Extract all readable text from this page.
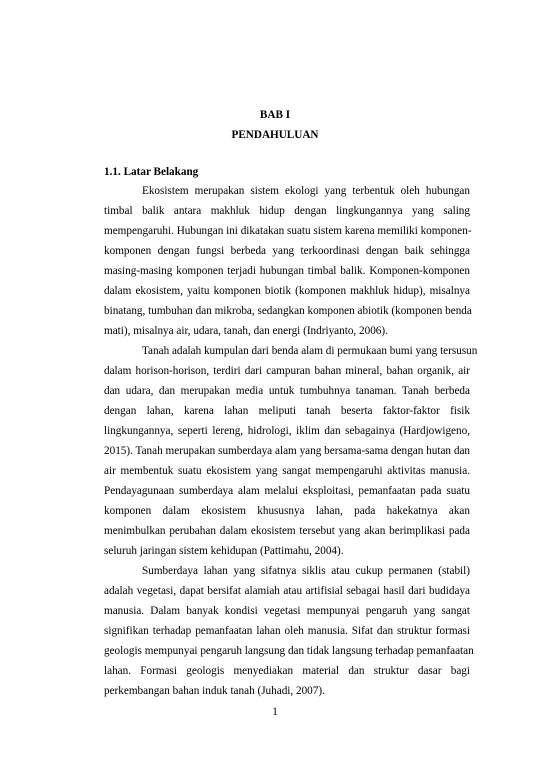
BAB I
PENDAHULUAN
1.1. Latar Belakang
Ekosistem merupakan sistem ekologi yang terbentuk oleh hubungan
timbal balik antara makhluk hidup dengan lingkungannya yang saling
mempengaruhi. Hubungan ini dikatakan suatu sistem karena memiliki komponen-
komponen dengan fungsi berbeda yang terkoordinasi dengan baik sehingga
masing-masing komponen terjadi hubungan timbal balik. Komponen-komponen
dalam ekosistem, yaitu komponen biotik (komponen makhluk hidup), misalnya
binatang, tumbuhan dan mikroba, sedangkan komponen abiotik (komponen benda
mati), misalnya air, udara, tanah, dan energi (Indriyanto, 2006).
Tanah adalah kumpulan dari benda alam di permukaan bumi yang tersusun
dalam horison-horison, terdiri dari campuran bahan mineral, bahan organik, air
dan udara, dan merupakan media untuk tumbuhnya tanaman. Tanah berbeda
dengan lahan, karena lahan meliputi tanah beserta faktor-faktor fisik
lingkungannya, seperti lereng, hidrologi, iklim dan sebagainya (Hardjowigeno,
2015). Tanah merupakan sumberdaya alam yang bersama-sama dengan hutan dan
air membentuk suatu ekosistem yang sangat mempengaruhi aktivitas manusia.
Pendayagunaan sumberdaya alam melalui eksploitasi, pemanfaatan pada suatu
komponen dalam ekosistem khususnya lahan, pada hakekatnya akan
menimbulkan perubahan dalam ekosistem tersebut yang akan berimplikasi pada
seluruh jaringan sistem kehidupan (Pattimahu, 2004).
Sumberdaya lahan yang sifatnya siklis atau cukup permanen (stabil)
adalah vegetasi, dapat bersifat alamiah atau artifisial sebagai hasil dari budidaya
manusia. Dalam banyak kondisi vegetasi mempunyai pengaruh yang sangat
signifikan terhadap pemanfaatan lahan oleh manusia. Sifat dan struktur formasi
geologis mempunyai pengaruh langsung dan tidak langsung terhadap pemanfaatan
lahan. Formasi geologis menyediakan material dan struktur dasar bagi
perkembangan bahan induk tanah (Juhadi, 2007).
1
